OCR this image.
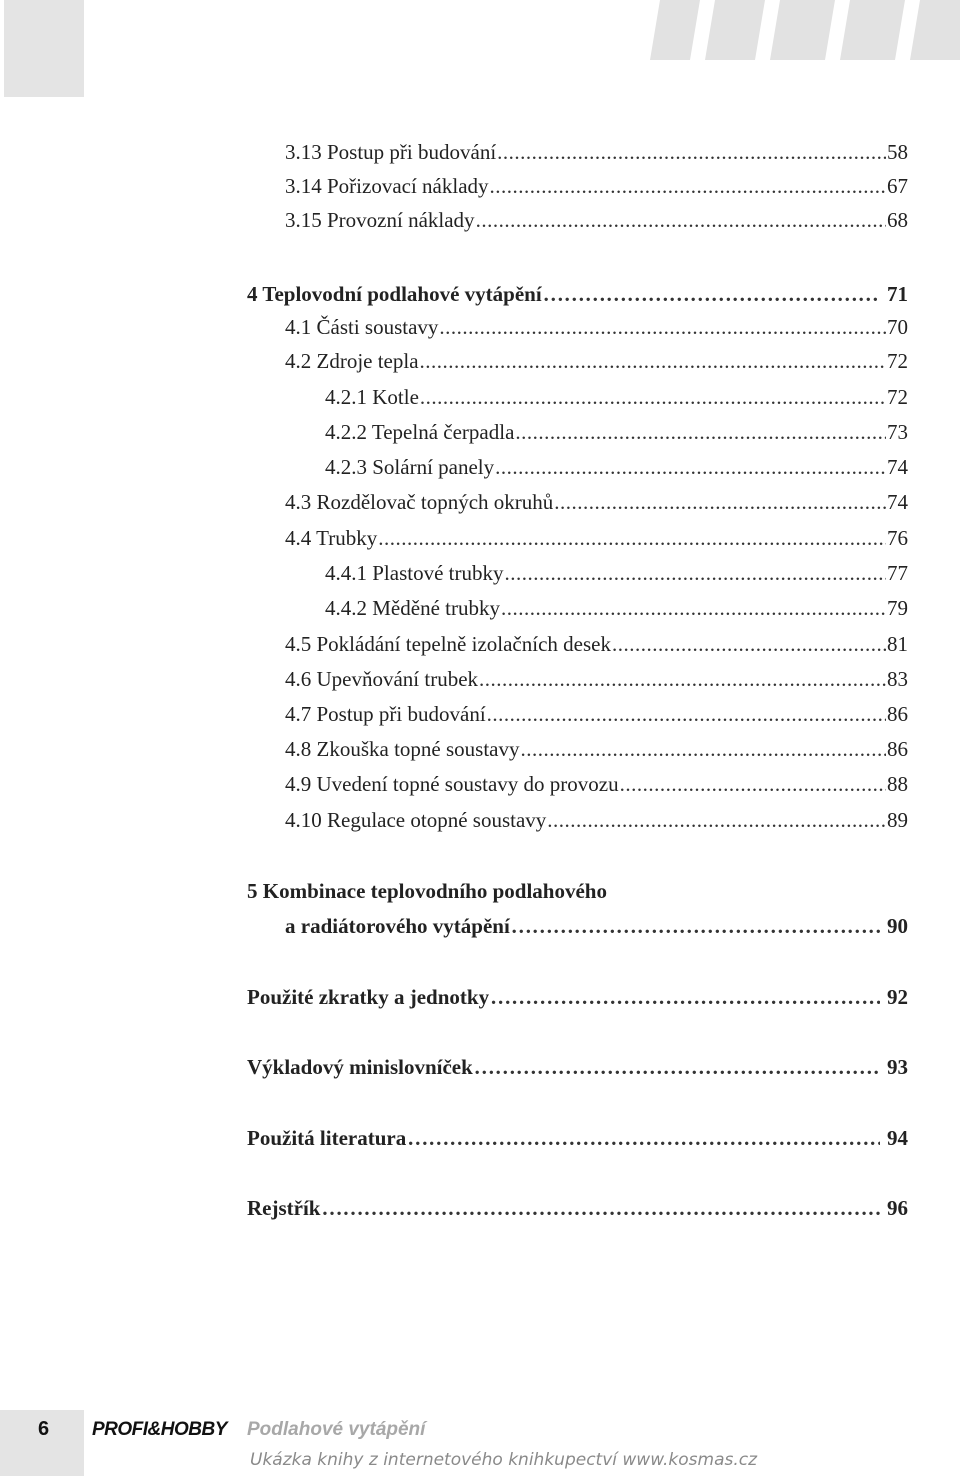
3.13 Postup při budování .....	58
3.14 Pořizovací náklady .....	67
3.15 Provozní náklady .....	68
4 Teplovodní podlahové vytápění ………………………………………………………………………………………………………………	71
4.1 Části soustavy .....	70
4.2 Zdroje tepla .....	72
4.2.1 Kotle .....	72
4.2.2 Tepelná čerpadla .....	73
4.2.3 Solární panely .....	74
4.3 Rozdělovač topných okruhů .....	74
4.4 Trubky .....	76
4.4.1 Plastové trubky .....	77
4.4.2 Měděné trubky .....	79
4.5 Pokládání tepelně izolačních desek .....	81
4.6 Upevňování trubek .....	83
4.7 Postup při budování .....	86
4.8 Zkouška topné soustavy .....	86
4.9 Uvedení topné soustavy do provozu .....	88
4.10 Regulace otopné soustavy .....	89
5 Kombinace teplovodního podlahového
a radiátorového vytápění ………………………………………………………………………………………………………………	90
Použité zkratky a jednotky ………………………………………………………………………………………………………………	92
Výkladový minislovníček ………………………………………………………………………………………………………………	93
Použitá literatura ………………………………………………………………………………………………………………	94
Rejstřík ………………………………………………………………………………………………………………	96
6 PROFI&HOBBY Podlahové vytápění
Ukázka knihy z internetového knihkupectví www.kosmas.cz
